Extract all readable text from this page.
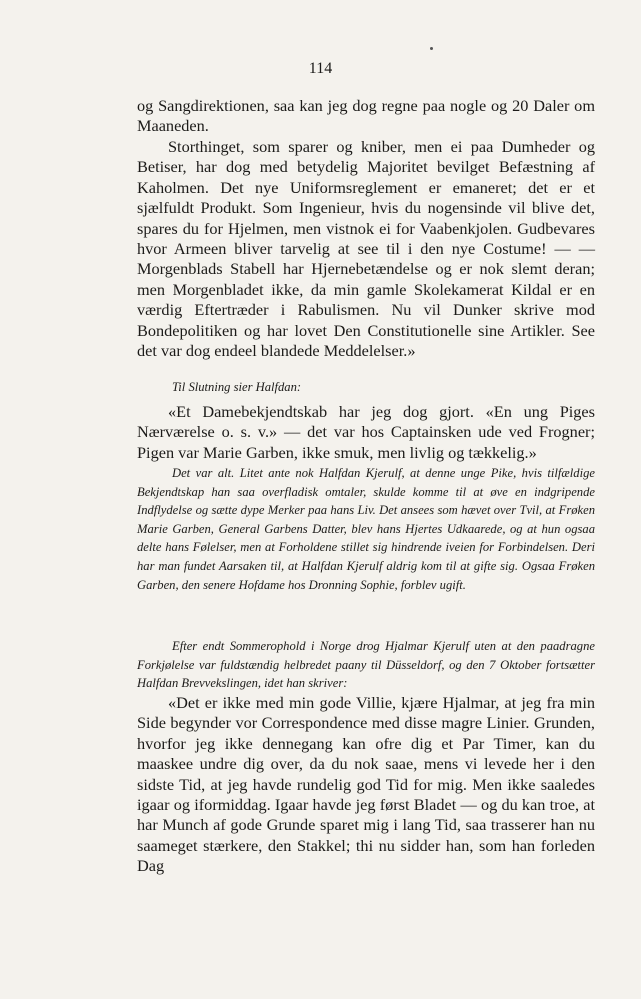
114
og Sangdirektionen, saa kan jeg dog regne paa nogle og 20 Daler om Maaneden.
Storthinget, som sparer og kniber, men ei paa Dumheder og Betiser, har dog med betydelig Majoritet bevilget Befæstning af Kaholmen. Det nye Uniformsreglement er emaneret; det er et sjælfuldt Produkt. Som Ingenieur, hvis du nogensinde vil blive det, spares du for Hjelmen, men vistnok ei for Vaabenkjolen. Gudbevares hvor Armeen bliver tarvelig at see til i den nye Costume! — — Morgenblads Stabell har Hjernebetændelse og er nok slemt deran; men Morgenbladet ikke, da min gamle Skolekamerat Kildal er en værdig Eftertræder i Rabulismen. Nu vil Dunker skrive mod Bondepolitiken og har lovet Den Constitutionelle sine Artikler. See det var dog endeel blandede Meddelelser.»
Til Slutning sier Halfdan:
«Et Damebekjendtskab har jeg dog gjort. «En ung Piges Nærværelse o. s. v.» — det var hos Captainsken ude ved Frogner; Pigen var Marie Garben, ikke smuk, men livlig og tækkelig.»
Det var alt. Litet ante nok Halfdan Kjerulf, at denne unge Pike, hvis tilfældige Bekjendtskap han saa overfladisk omtaler, skulde komme til at øve en indgripende Indflydelse og sætte dype Merker paa hans Liv. Det ansees som hævet over Tvil, at Frøken Marie Garben, General Garbens Datter, blev hans Hjertes Udkaarede, og at hun ogsaa delte hans Følelser, men at Forholdene stillet sig hindrende iveien for Forbindelsen. Deri har man fundet Aarsaken til, at Halfdan Kjerulf aldrig kom til at gifte sig. Ogsaa Frøken Garben, den senere Hofdame hos Dronning Sophie, forblev ugift.
Efter endt Sommerophold i Norge drog Hjalmar Kjerulf uten at den paadragne Forkjølelse var fuldstændig helbredet paany til Düsseldorf, og den 7 Oktober fortsætter Halfdan Brevvekslingen, idet han skriver:
«Det er ikke med min gode Villie, kjære Hjalmar, at jeg fra min Side begynder vor Correspondence med disse magre Linier. Grunden, hvorfor jeg ikke dennegang kan ofre dig et Par Timer, kan du maaskee undre dig over, da du nok saae, mens vi levede her i den sidste Tid, at jeg havde rundelig god Tid for mig. Men ikke saaledes igaar og iformiddag. Igaar havde jeg først Bladet — og du kan troe, at har Munch af gode Grunde sparet mig i lang Tid, saa trasserer han nu saameget stærkere, den Stakkel; thi nu sidder han, som han forleden Dag
